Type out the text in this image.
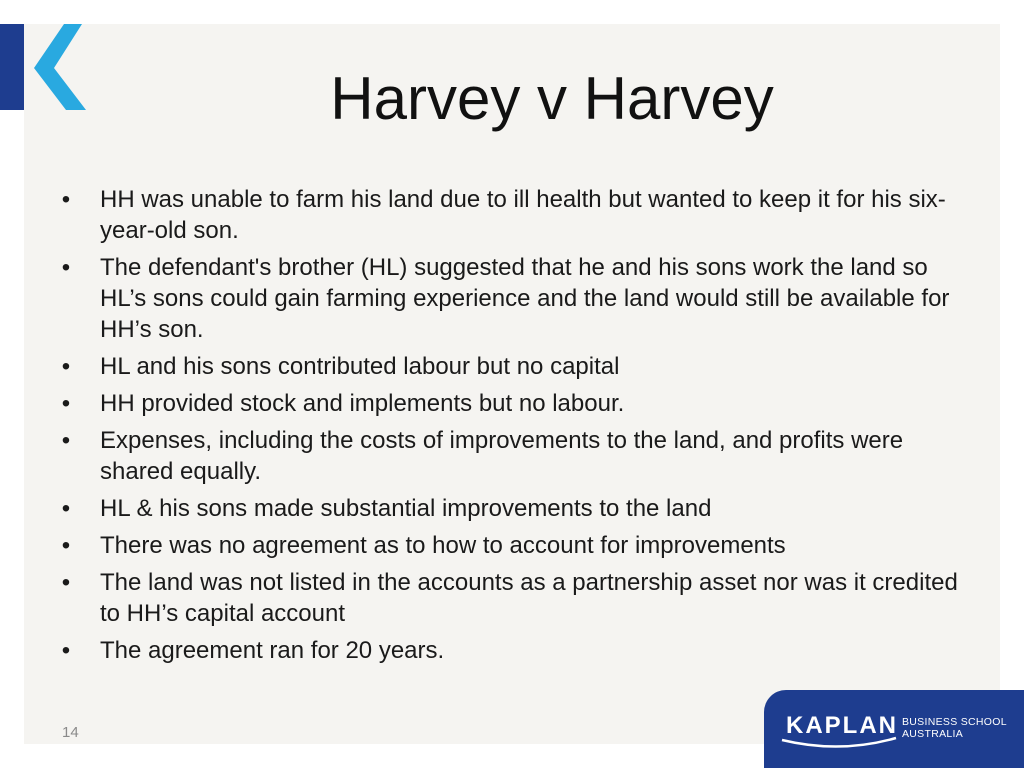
Harvey v Harvey
• HH was unable to farm his land due to ill health but wanted to keep it for his six-year-old son.
• The defendant's brother (HL) suggested that he and his sons work the land so HL’s sons could gain farming experience and the land would still be available for HH’s son.
• HL and his sons contributed labour but no capital
• HH provided stock and implements but no labour.
• Expenses, including the costs of improvements to the land, and profits were shared equally.
• HL & his sons made substantial improvements to the land
• There was no agreement as to how to account for improvements
• The land was not listed in the accounts as a partnership asset nor was it credited to HH’s capital account
• The agreement ran for 20 years.
14	KAPLAN BUSINESS SCHOOL
AUSTRALIA
